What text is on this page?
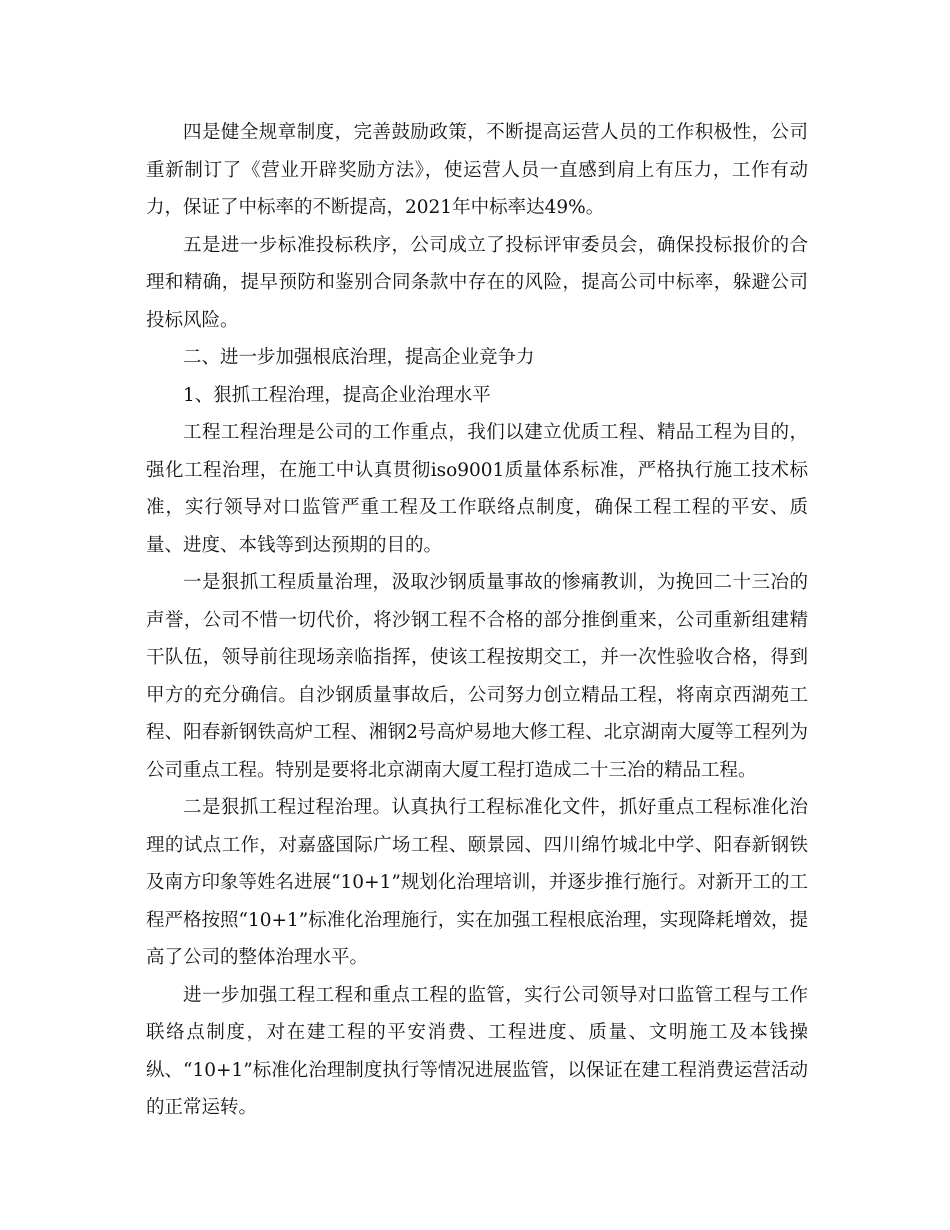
四是健全规章制度，完善鼓励政策，不断提高运营人员的工作积极性，公司重新制订了《营业开辟奖励方法》，使运营人员一直感到肩上有压力，工作有动力，保证了中标率的不断提高，2021年中标率达49%。

五是进一步标准投标秩序，公司成立了投标评审委员会，确保投标报价的合理和精确，提早预防和鉴别合同条款中存在的风险，提高公司中标率，躲避公司投标风险。

二、进一步加强根底治理，提高企业竞争力

1、狠抓工程治理，提高企业治理水平

工程工程治理是公司的工作重点，我们以建立优质工程、精品工程为目的，强化工程治理，在施工中认真贯彻iso9001质量体系标准，严格执行施工技术标准，实行领导对口监管严重工程及工作联络点制度，确保工程工程的平安、质量、进度、本钱等到达预期的目的。

一是狠抓工程质量治理，汲取沙钢质量事故的惨痛教训，为挽回二十三冶的声誉，公司不惜一切代价，将沙钢工程不合格的部分推倒重来，公司重新组建精干队伍，领导前往现场亲临指挥，使该工程按期交工，并一次性验收合格，得到甲方的充分确信。自沙钢质量事故后，公司努力创立精品工程，将南京西湖苑工程、阳春新钢铁高炉工程、湘钢2号高炉易地大修工程、北京湖南大厦等工程列为公司重点工程。特别是要将北京湖南大厦工程打造成二十三冶的精品工程。

二是狠抓工程过程治理。认真执行工程标准化文件，抓好重点工程标准化治理的试点工作，对嘉盛国际广场工程、颐景园、四川绵竹城北中学、阳春新钢铁及南方印象等姓名进展“10+1”规划化治理培训，并逐步推行施行。对新开工的工程严格按照“10+1”标准化治理施行，实在加强工程根底治理，实现降耗增效，提高了公司的整体治理水平。

进一步加强工程工程和重点工程的监管，实行公司领导对口监管工程与工作联络点制度，对在建工程的平安消费、工程进度、质量、文明施工及本钱操纵、“10+1”标准化治理制度执行等情况进展监管，以保证在建工程消费运营活动的正常运转。
